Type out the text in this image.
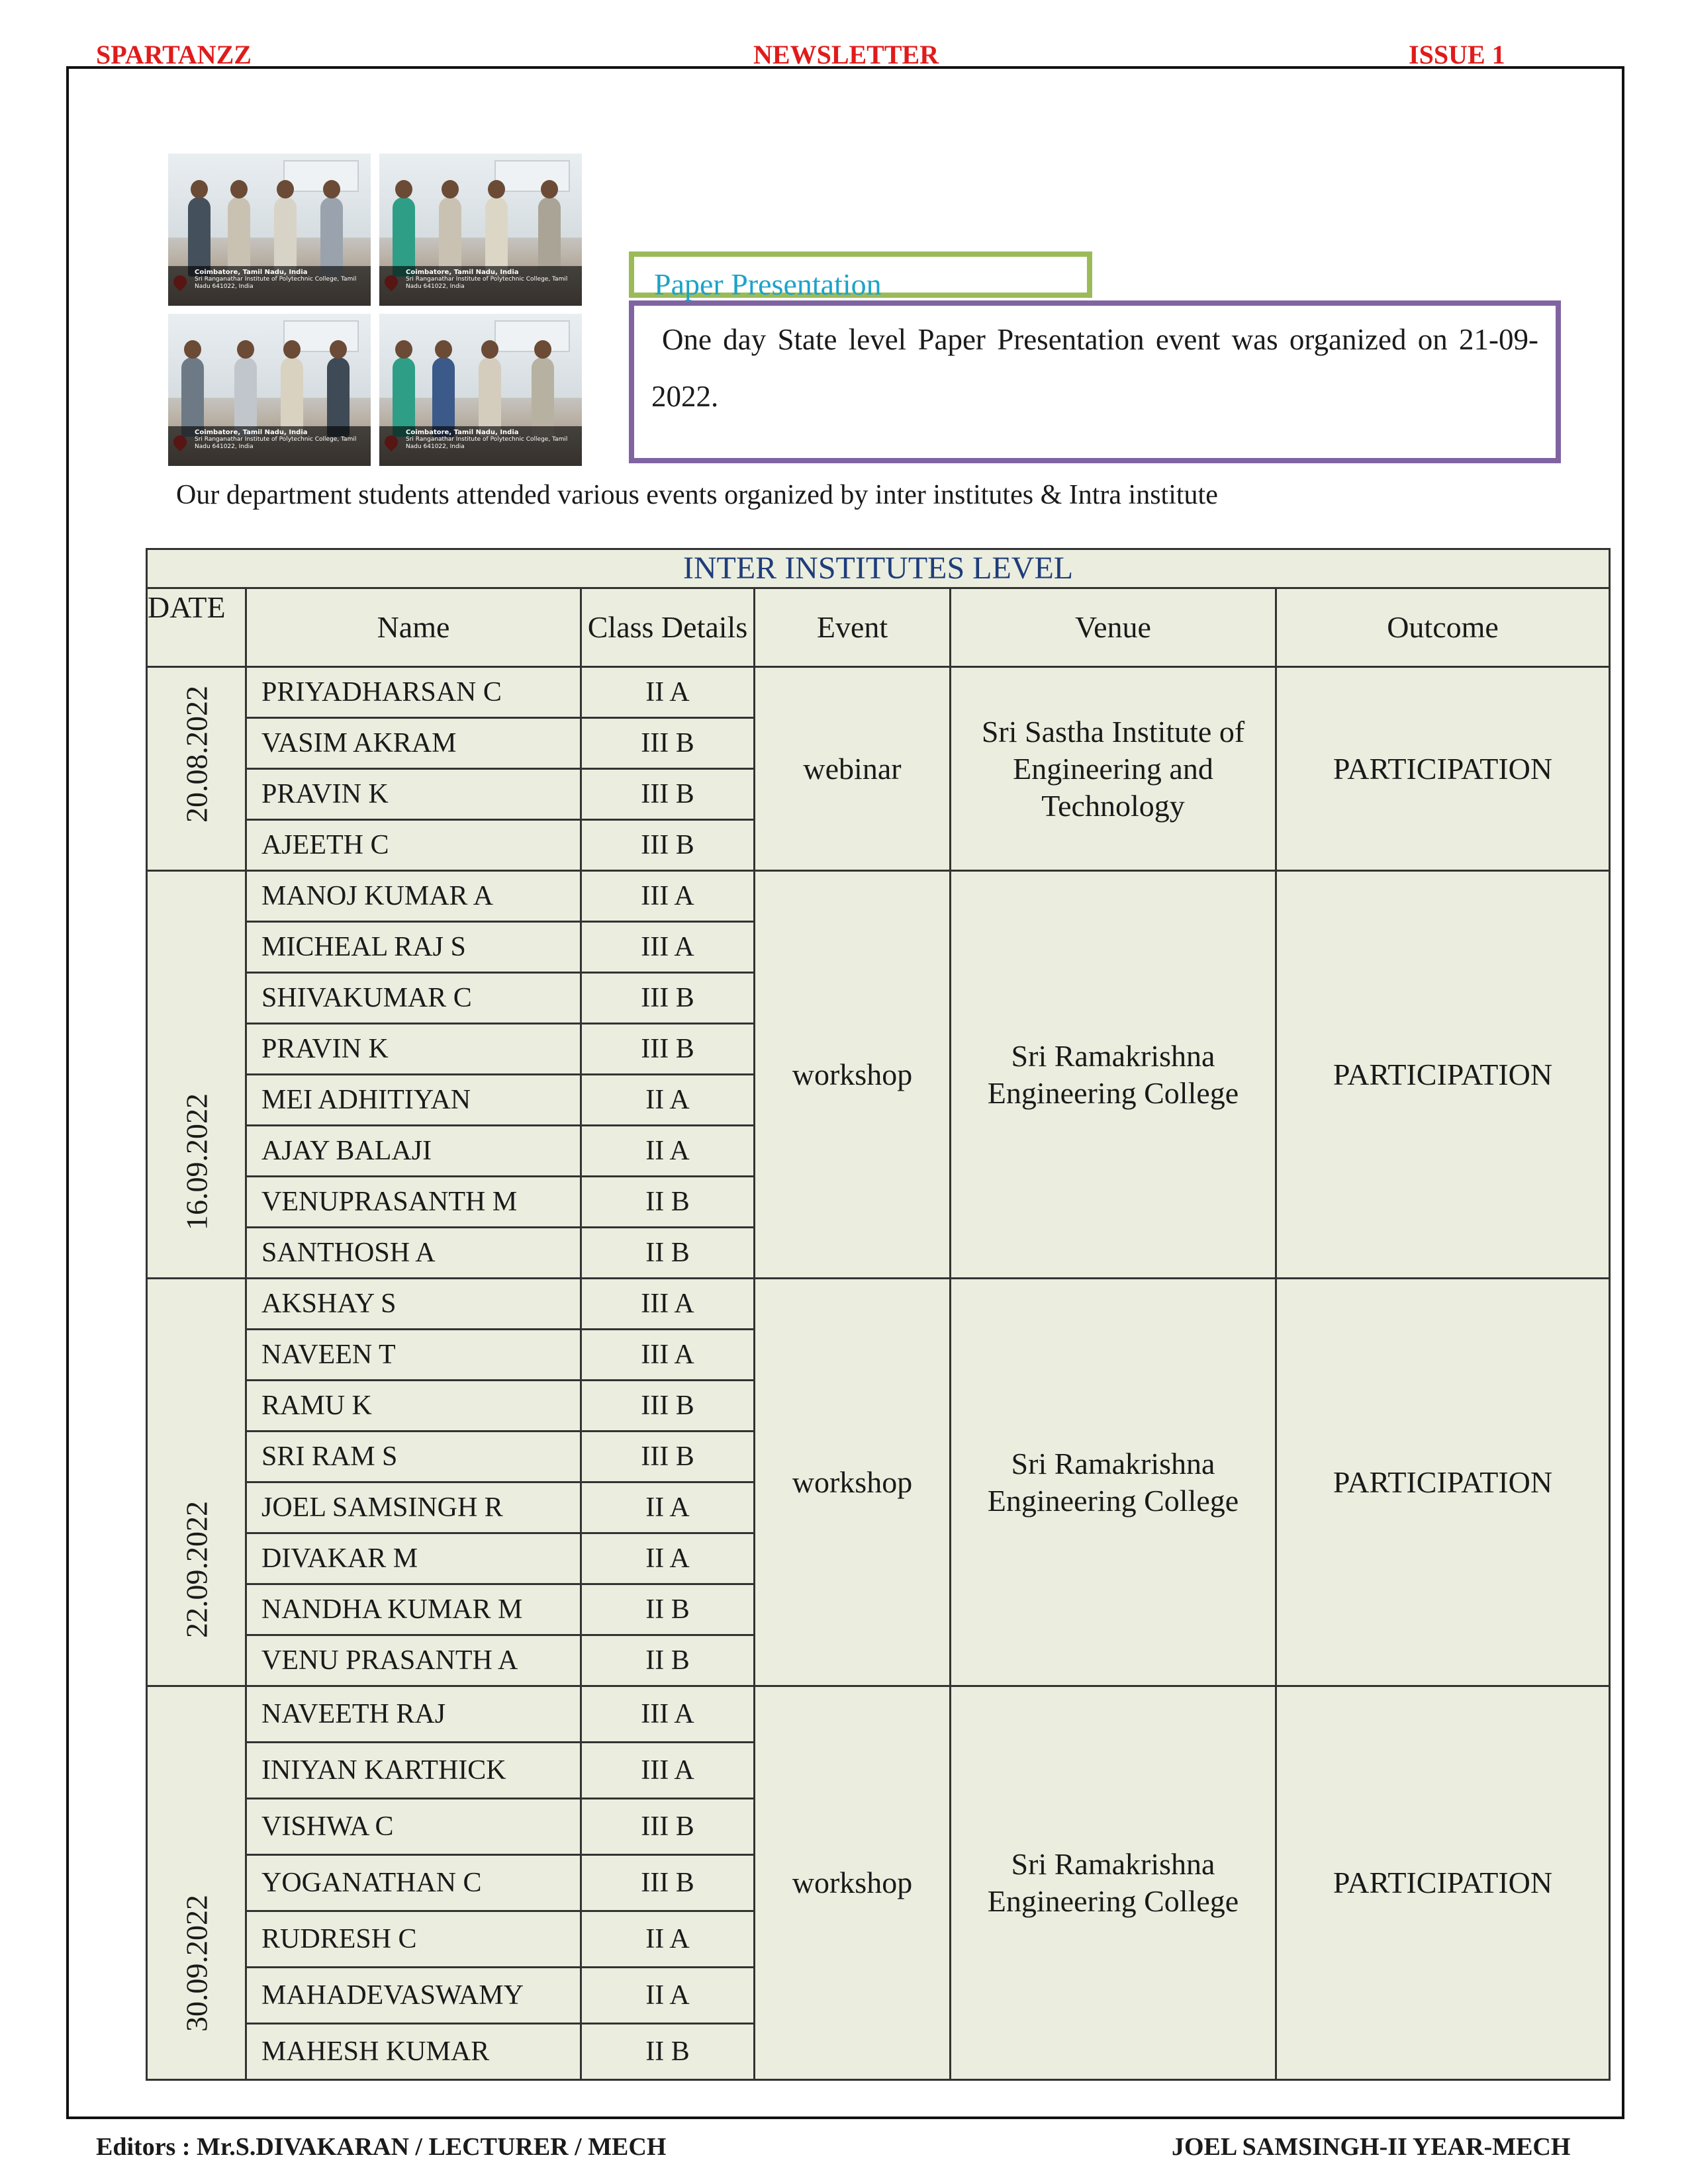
SPARTANZZ	NEWSLETTER	ISSUE 1
Coimbatore, Tamil Nadu, India
Sri Ranganathar Institute of Polytechnic College, Tamil Nadu 641022, India
Coimbatore, Tamil Nadu, India
Sri Ranganathar Institute of Polytechnic College, Tamil Nadu 641022, India
Coimbatore, Tamil Nadu, India
Sri Ranganathar Institute of Polytechnic College, Tamil Nadu 641022, India
Coimbatore, Tamil Nadu, India
Sri Ranganathar Institute of Polytechnic College, Tamil Nadu 641022, India
Paper Presentation
One day State level Paper Presentation event was organized on 21-09-2022.
Our department students attended various events organized by inter institutes & Intra institute
INTER INSTITUTES LEVEL					
DATE	Name	Class Details	Event	Venue	Outcome

20.08.2022	PRIYADHARSAN C	II A	webinar	Sri Sastha Institute of Engineering and Technology	PARTICIPATION
	VASIM AKRAM	III B			
	PRAVIN K	III B			
	AJEETH C	III B			

16.09.2022	MANOJ KUMAR A	III A	workshop	Sri Ramakrishna Engineering College	PARTICIPATION
	MICHEAL RAJ S	III A			
	SHIVAKUMAR C	III B			
	PRAVIN K	III B			
	MEI ADHITIYAN	II A			
	AJAY BALAJI	II A			
	VENUPRASANTH M	II B			
	SANTHOSH A	II B			

22.09.2022	AKSHAY S	III A	workshop	Sri Ramakrishna Engineering College	PARTICIPATION
	NAVEEN T	III A			
	RAMU K	III B			
	SRI RAM S	III B			
	JOEL SAMSINGH R	II A			
	DIVAKAR M	II A			
	NANDHA KUMAR M	II B			
	VENU PRASANTH A	II B			

30.09.2022	NAVEETH RAJ	III A	workshop	Sri Ramakrishna Engineering College	PARTICIPATION
	INIYAN KARTHICK	III A			
	VISHWA C	III B			
	YOGANATHAN C	III B			
	RUDRESH C	II A			
	MAHADEVASWAMY	II A			
	MAHESH KUMAR	II B			
Editors : Mr.S.DIVAKARAN / LECTURER / MECH	JOEL SAMSINGH-II YEAR-MECH
